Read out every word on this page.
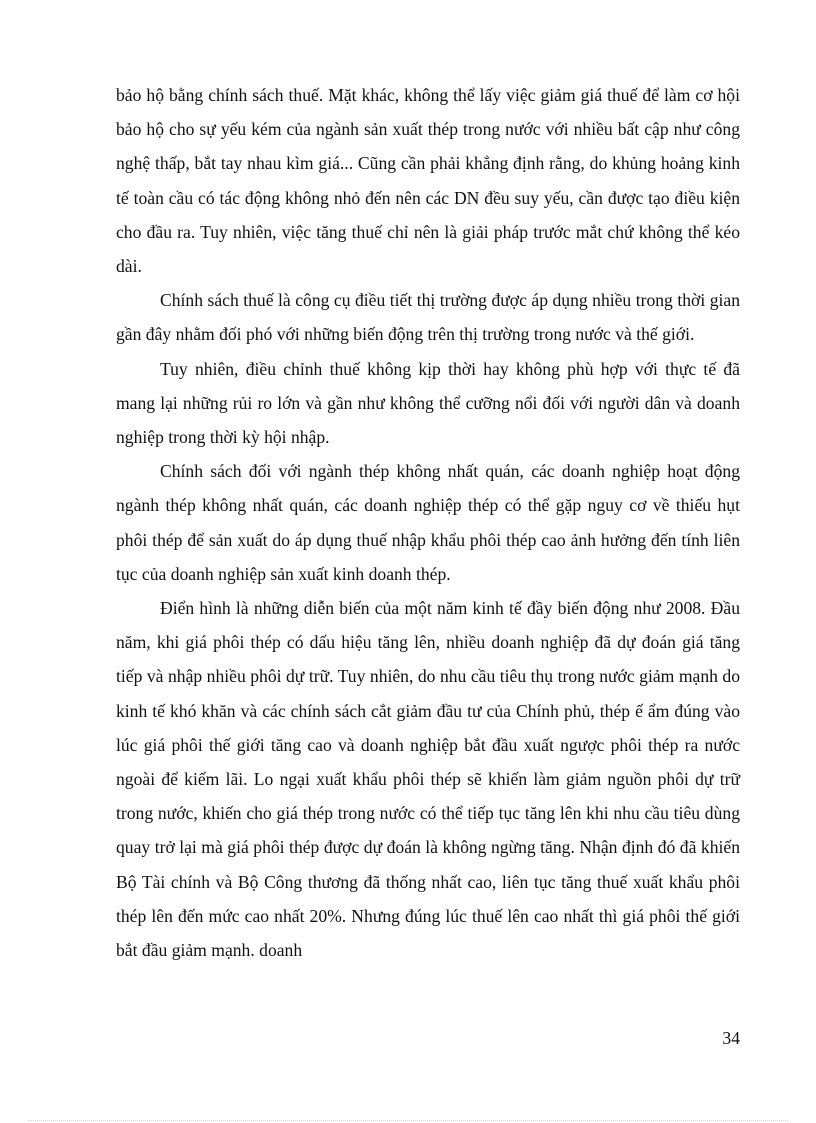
bảo hộ bằng chính sách thuế. Mặt khác, không thể lấy việc giảm giá thuế để làm cơ hội bảo hộ cho sự yếu kém của ngành sản xuất thép trong nước với nhiều bất cập như công nghệ thấp, bắt tay nhau kìm giá... Cũng cần phải khẳng định rằng, do khủng hoảng kinh tế toàn cầu có tác động không nhỏ đến nên các DN đều suy yếu, cần được tạo điều kiện cho đầu ra. Tuy nhiên, việc tăng thuế chỉ nên là giải pháp trước mắt chứ không thể kéo dài.

Chính sách thuế là công cụ điều tiết thị trường được áp dụng nhiều trong thời gian gần đây nhằm đối phó với những biến động trên thị trường trong nước và thế giới.

Tuy nhiên, điều chỉnh thuế không kịp thời hay không phù hợp với thực tế đã mang lại những rủi ro lớn và gần như không thể cưỡng nổi đối với người dân và doanh nghiệp trong thời kỳ hội nhập.

Chính sách đối với ngành thép không nhất quán, các doanh nghiệp hoạt động ngành thép không nhất quán, các doanh nghiệp thép có thể gặp nguy cơ về thiếu hụt phôi thép để sản xuất do áp dụng thuế nhập khẩu phôi thép cao ảnh hưởng đến tính liên tục của doanh nghiệp sản xuất kinh doanh thép.

Điển hình là những diễn biến của một năm kinh tế đầy biến động như 2008. Đầu năm, khi giá phôi thép có dấu hiệu tăng lên, nhiều doanh nghiệp đã dự đoán giá tăng tiếp và nhập nhiều phôi dự trữ. Tuy nhiên, do nhu cầu tiêu thụ trong nước giảm mạnh do kinh tế khó khăn và các chính sách cắt giảm đầu tư của Chính phủ, thép ế ẩm đúng vào lúc giá phôi thế giới tăng cao và doanh nghiệp bắt đầu xuất ngược phôi thép ra nước ngoài để kiếm lãi. Lo ngại xuất khẩu phôi thép sẽ khiến làm giảm nguồn phôi dự trữ trong nước, khiến cho giá thép trong nước có thể tiếp tục tăng lên khi nhu cầu tiêu dùng quay trở lại mà giá phôi thép được dự đoán là không ngừng tăng. Nhận định đó đã khiến Bộ Tài chính và Bộ Công thương đã thống nhất cao, liên tục tăng thuế xuất khẩu phôi thép lên đến mức cao nhất 20%. Nhưng đúng lúc thuế lên cao nhất thì giá phôi thế giới bắt đầu giảm mạnh. doanh

34
